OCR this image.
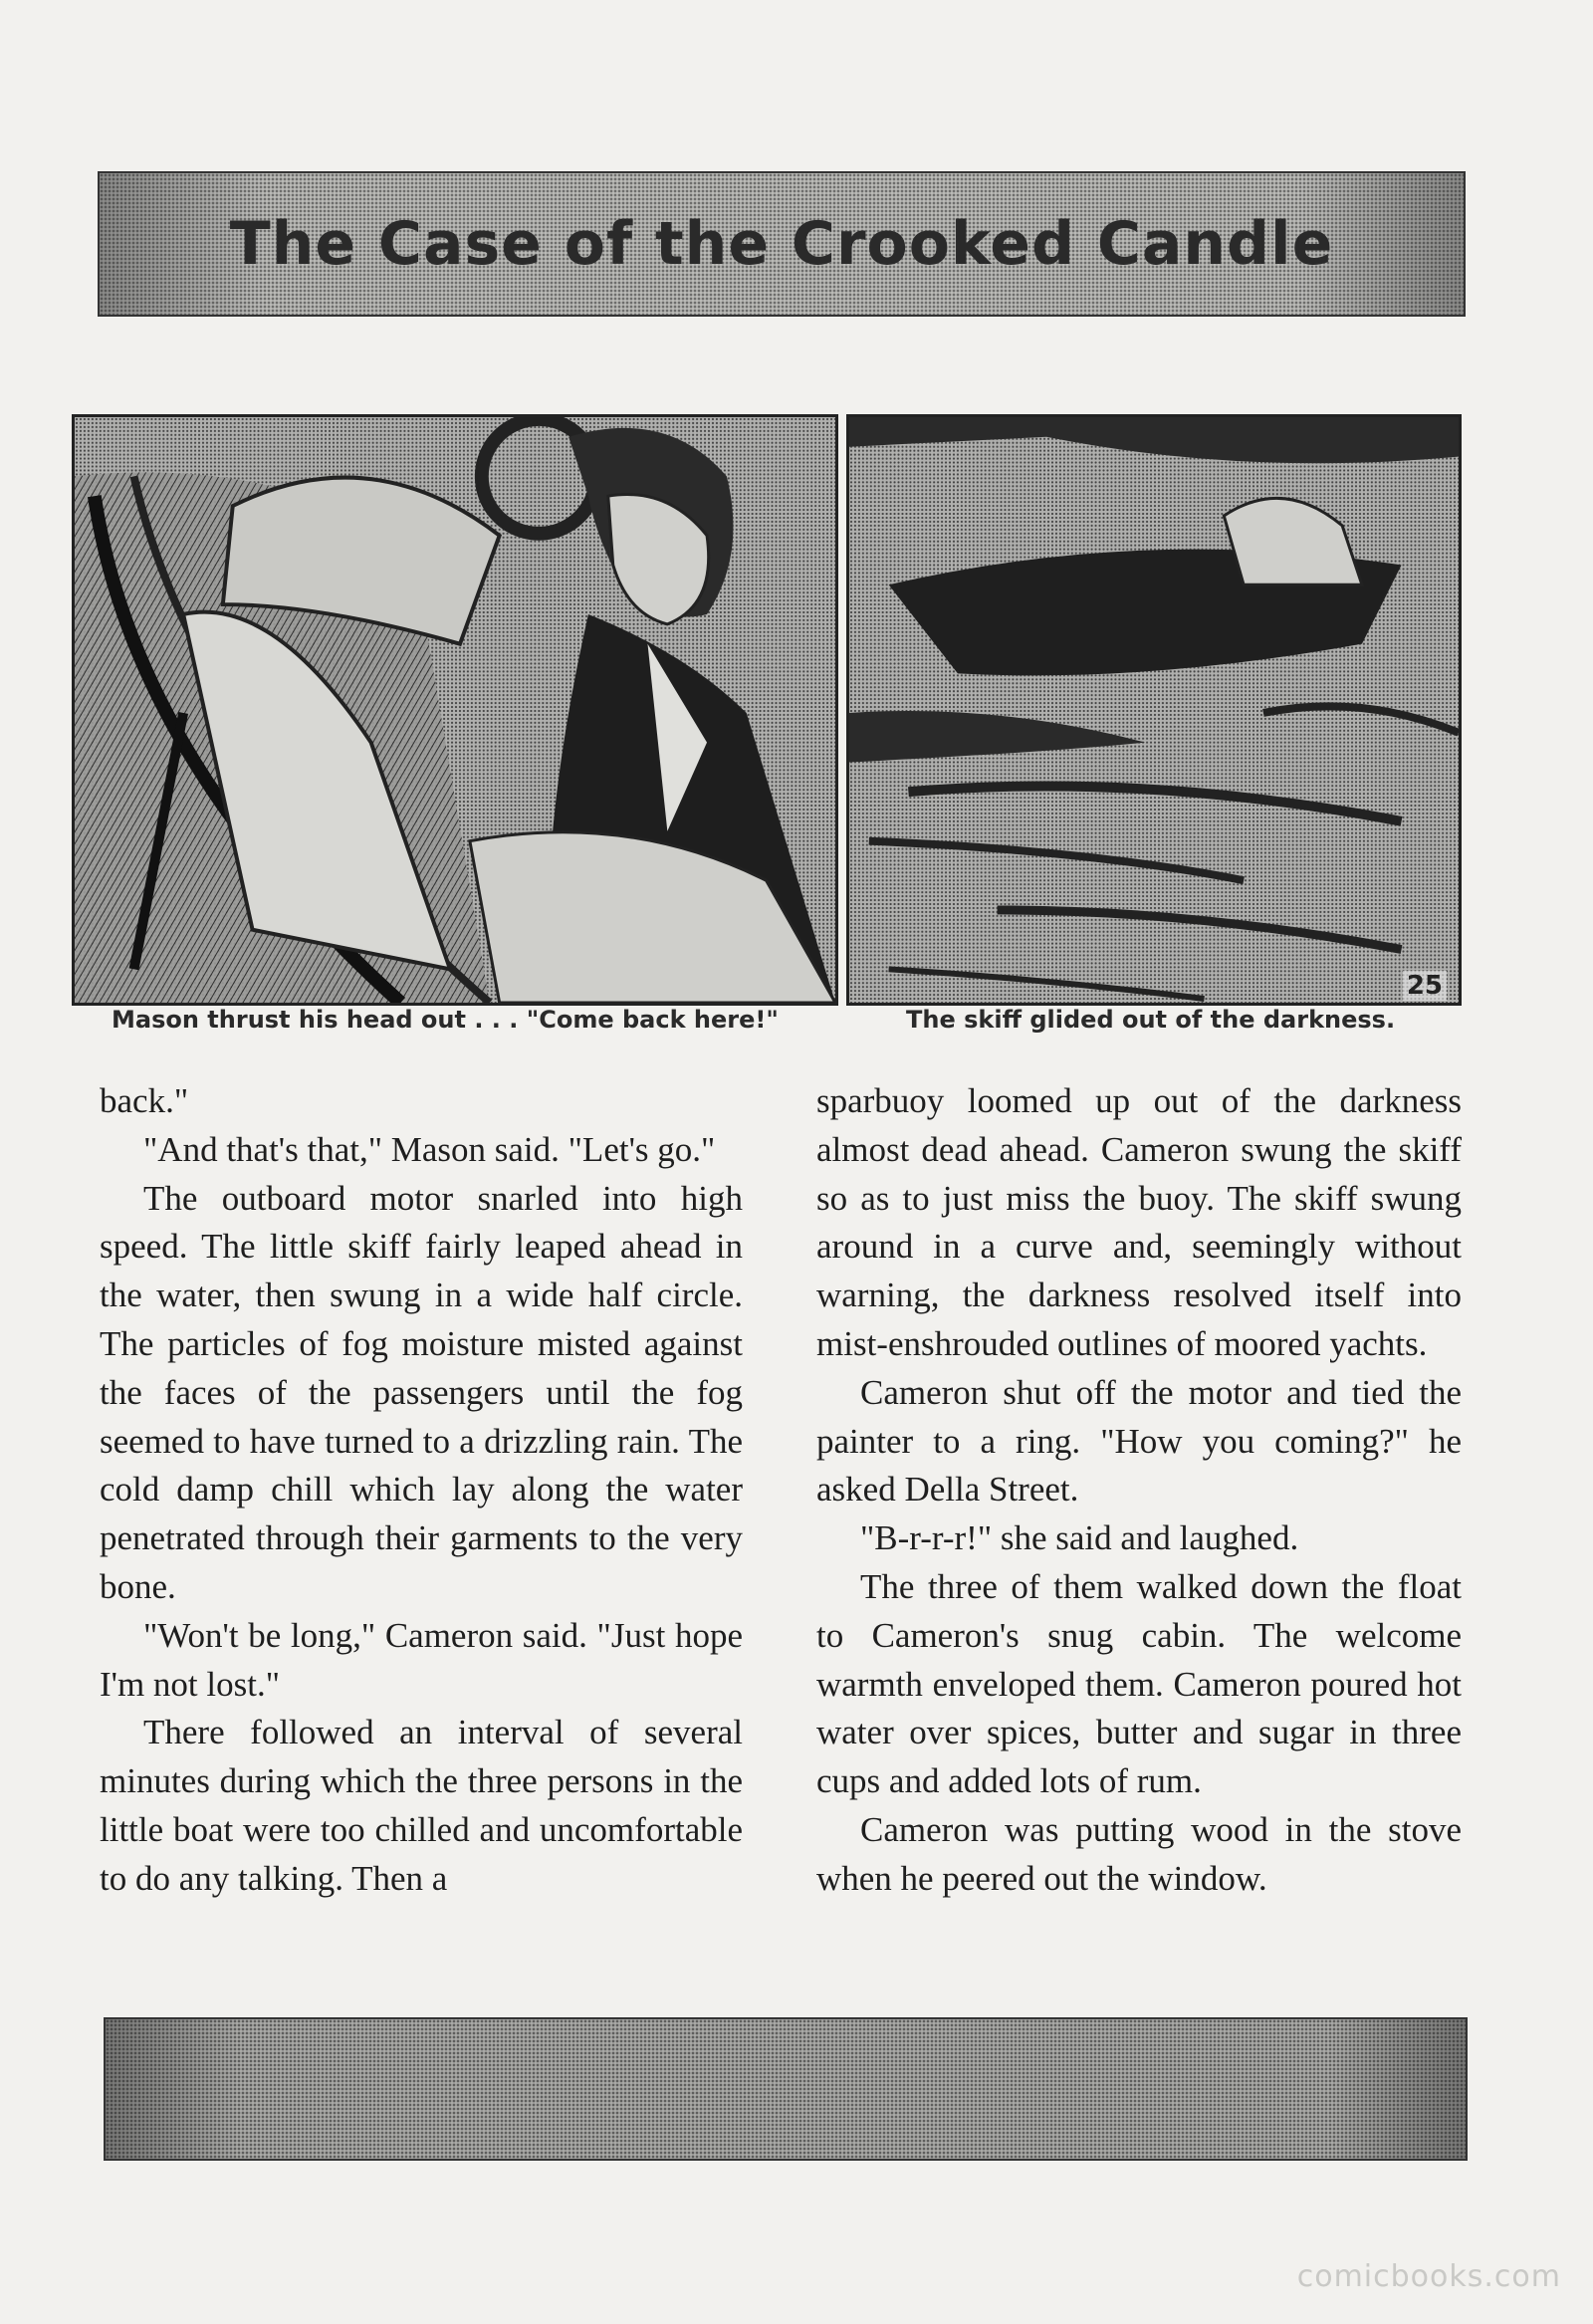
The Case of the Crooked Candle
25
Mason thrust his head out . . . "Come back here!"	The skiff glided out of the darkness.

back."

"And that's that," Mason said. "Let's go."

The outboard motor snarled into high speed. The little skiff fairly leaped ahead in the water, then swung in a wide half circle. The particles of fog moisture misted against the faces of the passengers until the fog seemed to have turned to a drizzling rain. The cold damp chill which lay along the water penetrated through their garments to the very bone.

"Won't be long," Cameron said. "Just hope I'm not lost."

There followed an interval of several minutes during which the three persons in the little boat were too chilled and uncomfortable to do any talking. Then a

sparbuoy loomed up out of the darkness almost dead ahead. Cameron swung the skiff so as to just miss the buoy. The skiff swung around in a curve and, seemingly without warning, the darkness resolved itself into mist-enshrouded outlines of moored yachts.

Cameron shut off the motor and tied the painter to a ring. "How you coming?" he asked Della Street.

"B-r-r-r!" she said and laughed.

The three of them walked down the float to Cameron's snug cabin. The welcome warmth enveloped them. Cameron poured hot water over spices, butter and sugar in three cups and added lots of rum.

Cameron was putting wood in the stove when he peered out the window.

comicbooks.com
